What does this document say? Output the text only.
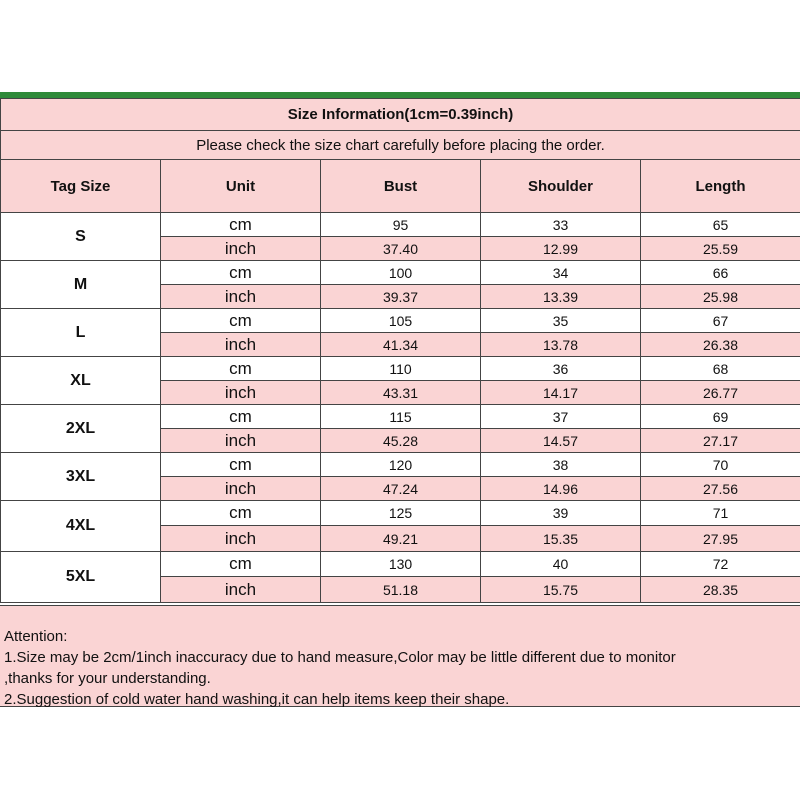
Size Information(1cm=0.39inch)				
Please check the size chart carefully before placing the order.				
Tag Size	Unit	Bust	Shoulder	Length
S	cm	95	33	65
	inch	37.40	12.99	25.59
M	cm	100	34	66
	inch	39.37	13.39	25.98
L	cm	105	35	67
	inch	41.34	13.78	26.38
XL	cm	110	36	68
	inch	43.31	14.17	26.77
2XL	cm	115	37	69
	inch	45.28	14.57	27.17
3XL	cm	120	38	70
	inch	47.24	14.96	27.56
4XL	cm	125	39	71
	inch	49.21	15.35	27.95
5XL	cm	130	40	72
	inch	51.18	15.75	28.35

Attention:

1.Size may be 2cm/1inch inaccuracy due to hand measure,Color may be little different due to monitor

,thanks for your understanding.

2.Suggestion of cold water hand washing,it can help items keep their shape.
